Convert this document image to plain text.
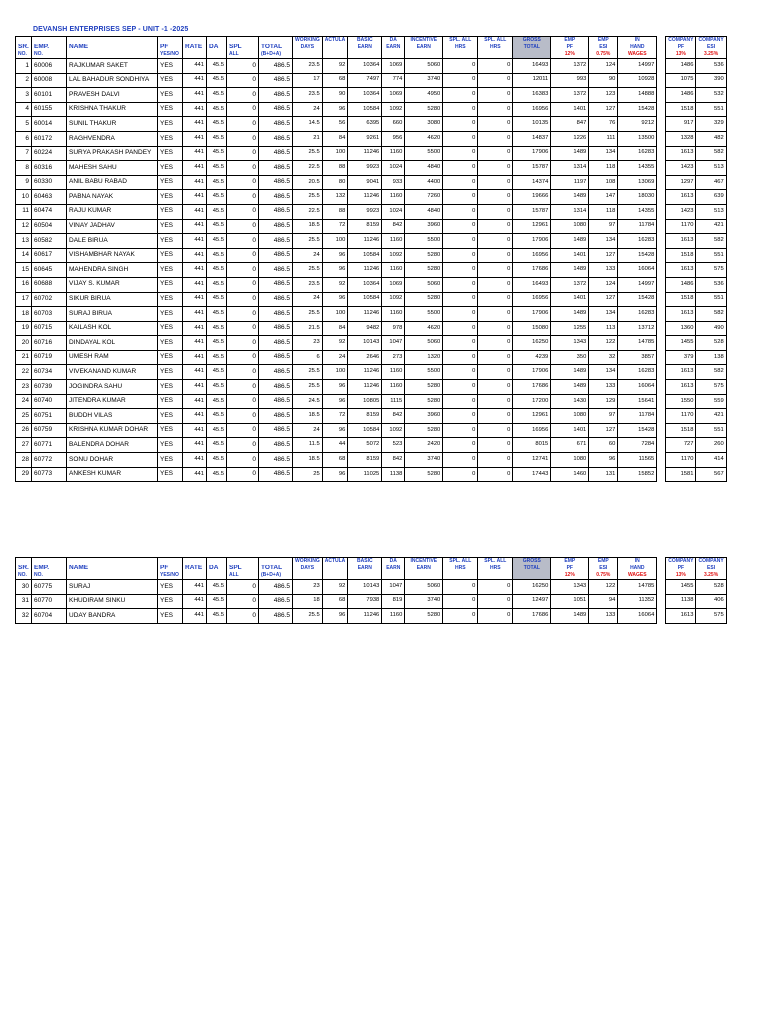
DEVANSH ENTERPRISES SEP - UNIT -1 -2025
								WORKING	ACTULA	BASIC	DA	INCENTIVE	SPL. ALL	SPL. ALL	GROSS	EMP	EMP	IN		COMPANY	COMPANY
SR.	EMP.	NAME	PF	RATE	DA	SPL	TOTAL	DAYS		EARN	EARN	EARN	HRS	HRS	TOTAL	PF	ESI	HAND		PF	ESI
NO.	NO.		YES/NO			ALL	(B+D+A)									12%	0.75%	WAGES		13%	3.25%
1	60006	RAJKUMAR SAKET	YES	441	45.5	0	486.5	23.5	92	10364	1069	5060	0	0	16493	1372	124	14997		1486	536
2	60008	LAL BAHADUR SONDHIYA	YES	441	45.5	0	486.5	17	68	7497	774	3740	0	0	12011	993	90	10928		1075	390
3	60101	PRAVESH DALVI	YES	441	45.5	0	486.5	23.5	90	10364	1069	4950	0	0	16383	1372	123	14888		1486	532
4	60155	KRISHNA THAKUR	YES	441	45.5	0	486.5	24	96	10584	1092	5280	0	0	16956	1401	127	15428		1518	551
5	60014	SUNIL THAKUR	YES	441	45.5	0	486.5	14.5	56	6395	660	3080	0	0	10135	847	76	9212		917	329
6	60172	RAGHVENDRA	YES	441	45.5	0	486.5	21	84	9261	956	4620	0	0	14837	1226	111	13500		1328	482
7	60224	SURYA PRAKASH PANDEY	YES	441	45.5	0	486.5	25.5	100	11246	1160	5500	0	0	17906	1489	134	16283		1613	582
8	60316	MAHESH SAHU	YES	441	45.5	0	486.5	22.5	88	9923	1024	4840	0	0	15787	1314	118	14355		1423	513
9	60330	ANIL BABU RABAD	YES	441	45.5	0	486.5	20.5	80	9041	933	4400	0	0	14374	1197	108	13069		1297	467
10	60463	PABNA NAYAK	YES	441	45.5	0	486.5	25.5	132	11246	1160	7260	0	0	19666	1489	147	18030		1613	639
11	60474	RAJU KUMAR	YES	441	45.5	0	486.5	22.5	88	9923	1024	4840	0	0	15787	1314	118	14355		1423	513
12	60504	VINAY JADHAV	YES	441	45.5	0	486.5	18.5	72	8159	842	3960	0	0	12961	1080	97	11784		1170	421
13	60582	DALE BIRUA	YES	441	45.5	0	486.5	25.5	100	11246	1160	5500	0	0	17906	1489	134	16283		1613	582
14	60617	VISHAMBHAR NAYAK	YES	441	45.5	0	486.5	24	96	10584	1092	5280	0	0	16956	1401	127	15428		1518	551
15	60645	MAHENDRA SINGH	YES	441	45.5	0	486.5	25.5	96	11246	1160	5280	0	0	17686	1489	133	16064		1613	575
16	60688	VIJAY S. KUMAR	YES	441	45.5	0	486.5	23.5	92	10364	1069	5060	0	0	16493	1372	124	14997		1486	536
17	60702	SIKUR BIRUA	YES	441	45.5	0	486.5	24	96	10584	1092	5280	0	0	16956	1401	127	15428		1518	551
18	60703	SURAJ BIRUA	YES	441	45.5	0	486.5	25.5	100	11246	1160	5500	0	0	17906	1489	134	16283		1613	582
19	60715	KAILASH KOL	YES	441	45.5	0	486.5	21.5	84	9482	978	4620	0	0	15080	1255	113	13712		1360	490
20	60716	DINDAYAL KOL	YES	441	45.5	0	486.5	23	92	10143	1047	5060	0	0	16250	1343	122	14785		1455	528
21	60719	UMESH RAM	YES	441	45.5	0	486.5	6	24	2646	273	1320	0	0	4239	350	32	3857		379	138
22	60734	VIVEKANAND KUMAR	YES	441	45.5	0	486.5	25.5	100	11246	1160	5500	0	0	17906	1489	134	16283		1613	582
23	60739	JOGINDRA SAHU	YES	441	45.5	0	486.5	25.5	96	11246	1160	5280	0	0	17686	1489	133	16064		1613	575
24	60740	JITENDRA KUMAR	YES	441	45.5	0	486.5	24.5	96	10805	1115	5280	0	0	17200	1430	129	15641		1550	559
25	60751	BUDDH VILAS	YES	441	45.5	0	486.5	18.5	72	8159	842	3960	0	0	12961	1080	97	11784		1170	421
26	60759	KRISHNA KUMAR DOHAR	YES	441	45.5	0	486.5	24	96	10584	1092	5280	0	0	16956	1401	127	15428		1518	551
27	60771	BALENDRA DOHAR	YES	441	45.5	0	486.5	11.5	44	5072	523	2420	0	0	8015	671	60	7284		727	260
28	60772	SONU DOHAR	YES	441	45.5	0	486.5	18.5	68	8159	842	3740	0	0	12741	1080	96	11565		1170	414
29	60773	ANKESH KUMAR	YES	441	45.5	0	486.5	25	96	11025	1138	5280	0	0	17443	1460	131	15852		1581	567
								WORKING	ACTULA	BASIC	DA	INCENTIVE	SPL. ALL	SPL. ALL	GROSS	EMP	EMP	IN		COMPANY	COMPANY
SR.	EMP.	NAME	PF	RATE	DA	SPL	TOTAL	DAYS		EARN	EARN	EARN	HRS	HRS	TOTAL	PF	ESI	HAND		PF	ESI
NO.	NO.		YES/NO			ALL	(B+D+A)									12%	0.75%	WAGES		13%	3.25%
30	60775	SURAJ	YES	441	45.5	0	486.5	23	92	10143	1047	5060	0	0	16250	1343	122	14785		1455	528
31	60770	KHUDIRAM SINKU	YES	441	45.5	0	486.5	18	68	7938	819	3740	0	0	12497	1051	94	11352		1138	406
32	60704	UDAY BANDRA	YES	441	45.5	0	486.5	25.5	96	11246	1160	5280	0	0	17686	1489	133	16064		1613	575
